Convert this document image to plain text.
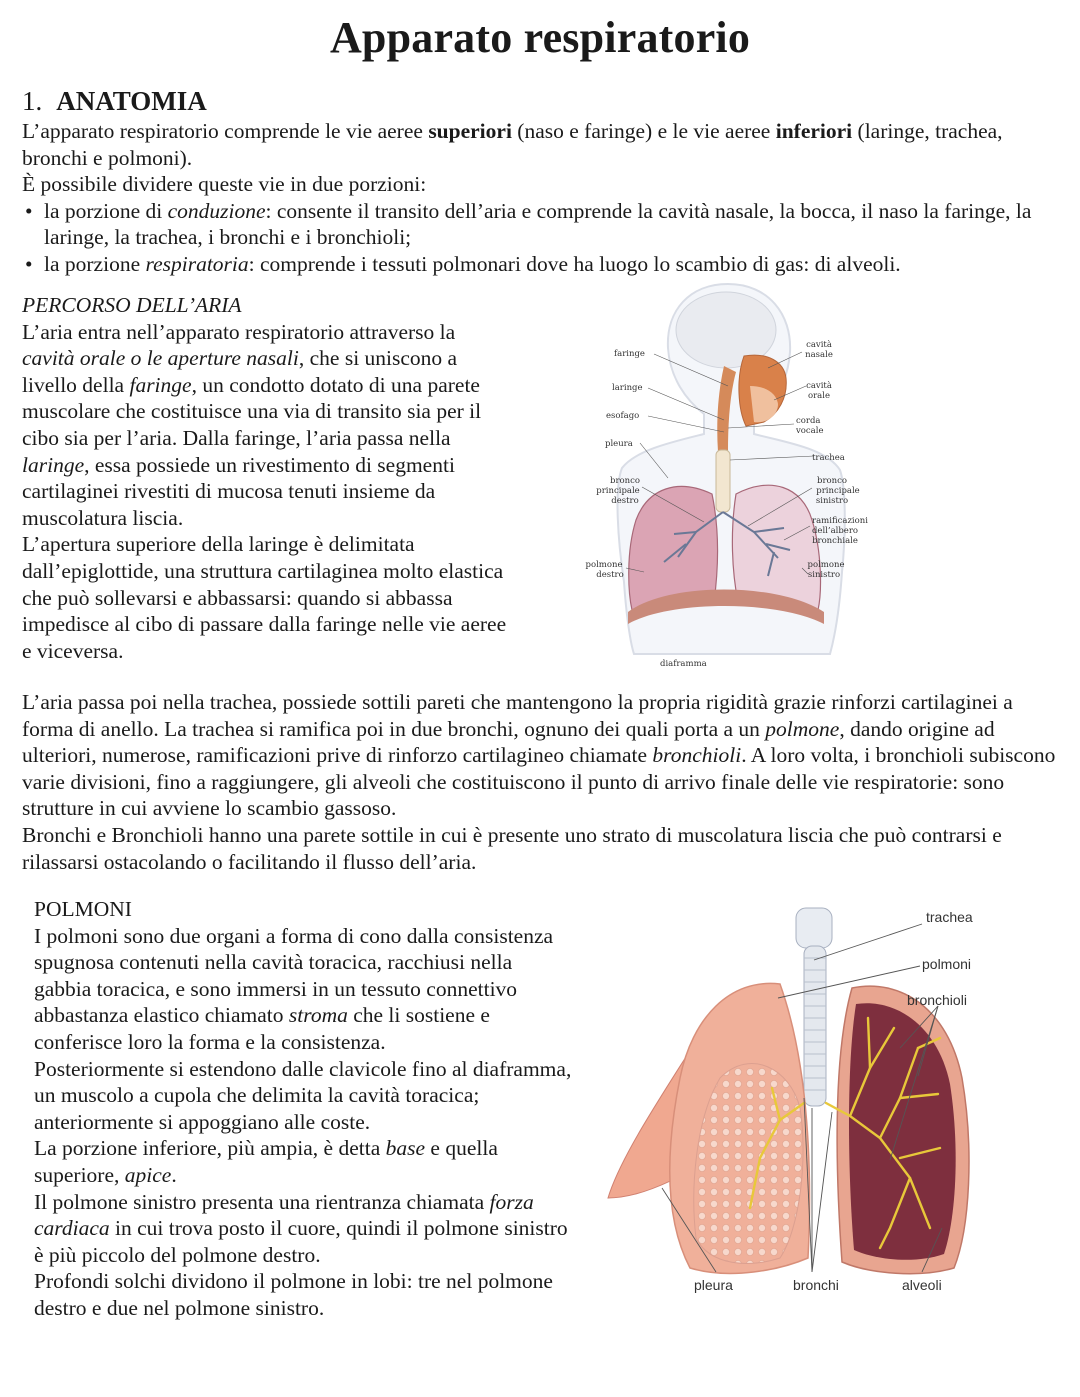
Apparato respiratorio
1. ANATOMIA

L’apparato respiratorio comprende le vie aeree superiori (naso e faringe) e le vie aeree inferiori (laringe, trachea, bronchi e polmoni).

È possibile dividere queste vie in due porzioni:

• la porzione di conduzione: consente il transito dell’aria e comprende la cavità nasale, la bocca, il naso la faringe, la laringe, la trachea, i bronchi e i bronchioli;
• la porzione respiratoria: comprende i tessuti polmonari dove ha luogo lo scambio di gas: di alveoli.

PERCORSO DELL’ARIA

L’aria entra nell’apparato respiratorio attraverso la cavità orale o le aperture nasali, che si uniscono a livello della faringe, un condotto dotato di una parete muscolare che costituisce una via di transito sia per il cibo sia per l’aria. Dalla faringe, l’aria passa nella laringe, essa possiede un rivestimento di segmenti cartilaginei rivestiti di mucosa tenuti insieme da muscolatura liscia.

L’apertura superiore della laringe è delimitata dall’epiglottide, una struttura cartilaginea molto elastica che può sollevarsi e abbassarsi: quando si abbassa impedisce al cibo di passare dalla faringe nelle vie aeree e viceversa.

faringe
laringe
esofago
pleura
bronco
principale
destro
polmone
destro
cavità
nasale
cavità
orale
corda
vocale
trachea
bronco
principale
sinistro
ramificazioni
dell’albero
bronchiale
polmone
sinistro
diaframma

L’aria passa poi nella trachea, possiede sottili pareti che mantengono la propria rigidità grazie rinforzi cartilaginei a forma di anello. La trachea si ramifica poi in due bronchi, ognuno dei quali porta a un polmone, dando origine ad ulteriori, numerose, ramificazioni prive di rinforzo cartilagineo chiamate bronchioli. A loro volta, i bronchioli subiscono varie divisioni, fino a raggiungere, gli alveoli che costituiscono il punto di arrivo finale delle vie respiratorie: sono strutture in cui avviene lo scambio gassoso.

Bronchi e Bronchioli hanno una parete sottile in cui è presente uno strato di muscolatura liscia che può contrarsi e rilassarsi ostacolando o facilitando il flusso dell’aria.

POLMONI

I polmoni sono due organi a forma di cono dalla consistenza spugnosa contenuti nella cavità toracica, racchiusi nella gabbia toracica, e sono immersi in un tessuto connettivo abbastanza elastico chiamato stroma che li sostiene e conferisce loro la forma e la consistenza.

Posteriormente si estendono dalle clavicole fino al diaframma, un muscolo a cupola che delimita la cavità toracica; anteriormente si appoggiano alle coste.

La porzione inferiore, più ampia, è detta base e quella superiore, apice.

Il polmone sinistro presenta una rientranza chiamata forza cardiaca in cui trova posto il cuore, quindi il polmone sinistro è più piccolo del polmone destro.

Profondi solchi dividono il polmone in lobi: tre nel polmone destro e due nel polmone sinistro.

trachea
polmoni
bronchioli
pleura	bronchi	alveoli
